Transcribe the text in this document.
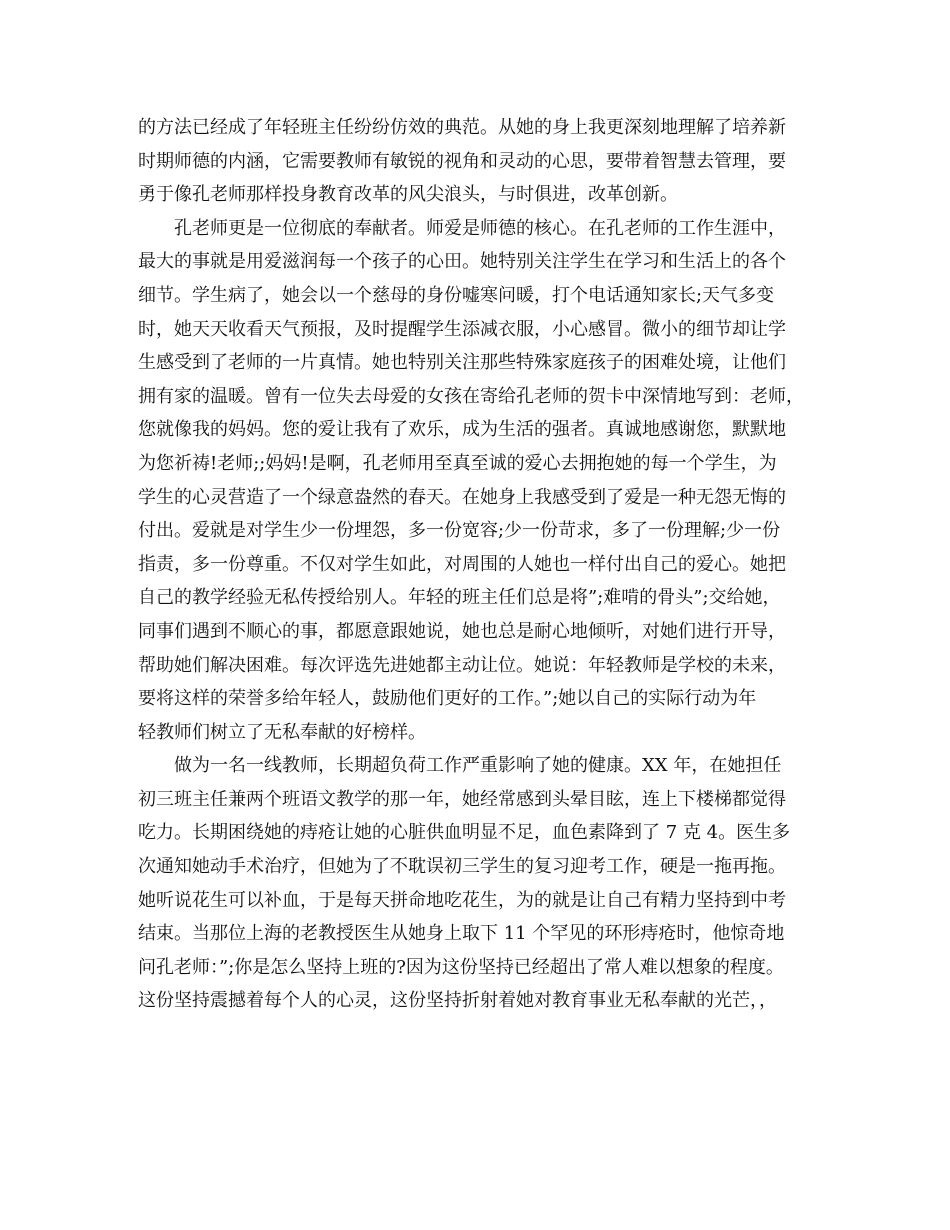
的方法已经成了年轻班主任纷纷仿效的典范。从她的身上我更深刻地理解了培养新
时期师德的内涵，它需要教师有敏锐的视角和灵动的心思，要带着智慧去管理，要
勇于像孔老师那样投身教育改革的风尖浪头，与时俱进，改革创新。
孔老师更是一位彻底的奉献者。师爱是师德的核心。在孔老师的工作生涯中，
最大的事就是用爱滋润每一个孩子的心田。她特别关注学生在学习和生活上的各个
细节。学生病了，她会以一个慈母的身份嘘寒问暖，打个电话通知家长;天气多变
时，她天天收看天气预报，及时提醒学生添减衣服，小心感冒。微小的细节却让学
生感受到了老师的一片真情。她也特别关注那些特殊家庭孩子的困难处境，让他们
拥有家的温暖。曾有一位失去母爱的女孩在寄给孔老师的贺卡中深情地写到：老师，
您就像我的妈妈。您的爱让我有了欢乐，成为生活的强者。真诚地感谢您，默默地
为您祈祷!老师;;妈妈!是啊，孔老师用至真至诚的爱心去拥抱她的每一个学生，为
学生的心灵营造了一个绿意盎然的春天。在她身上我感受到了爱是一种无怨无悔的
付出。爱就是对学生少一份埋怨，多一份宽容;少一份苛求，多了一份理解;少一份
指责，多一份尊重。不仅对学生如此，对周围的人她也一样付出自己的爱心。她把
自己的教学经验无私传授给别人。年轻的班主任们总是将”;难啃的骨头”;交给她，
同事们遇到不顺心的事，都愿意跟她说，她也总是耐心地倾听，对她们进行开导，
帮助她们解决困难。每次评选先进她都主动让位。她说：年轻教师是学校的未来，
要将这样的荣誉多给年轻人，鼓励他们更好的工作。”;她以自己的实际行动为年
轻教师们树立了无私奉献的好榜样。
做为一名一线教师，长期超负荷工作严重影响了她的健康。XX 年，在她担任
初三班主任兼两个班语文教学的那一年，她经常感到头晕目眩，连上下楼梯都觉得
吃力。长期困绕她的痔疮让她的心脏供血明显不足，血色素降到了 7 克 4。医生多
次通知她动手术治疗，但她为了不耽误初三学生的复习迎考工作，硬是一拖再拖。
她听说花生可以补血，于是每天拼命地吃花生，为的就是让自己有精力坚持到中考
结束。当那位上海的老教授医生从她身上取下 11 个罕见的环形痔疮时，他惊奇地
问孔老师：”;你是怎么坚持上班的?因为这份坚持已经超出了常人难以想象的程度。
这份坚持震撼着每个人的心灵，这份坚持折射着她对教育事业无私奉献的光芒，，
